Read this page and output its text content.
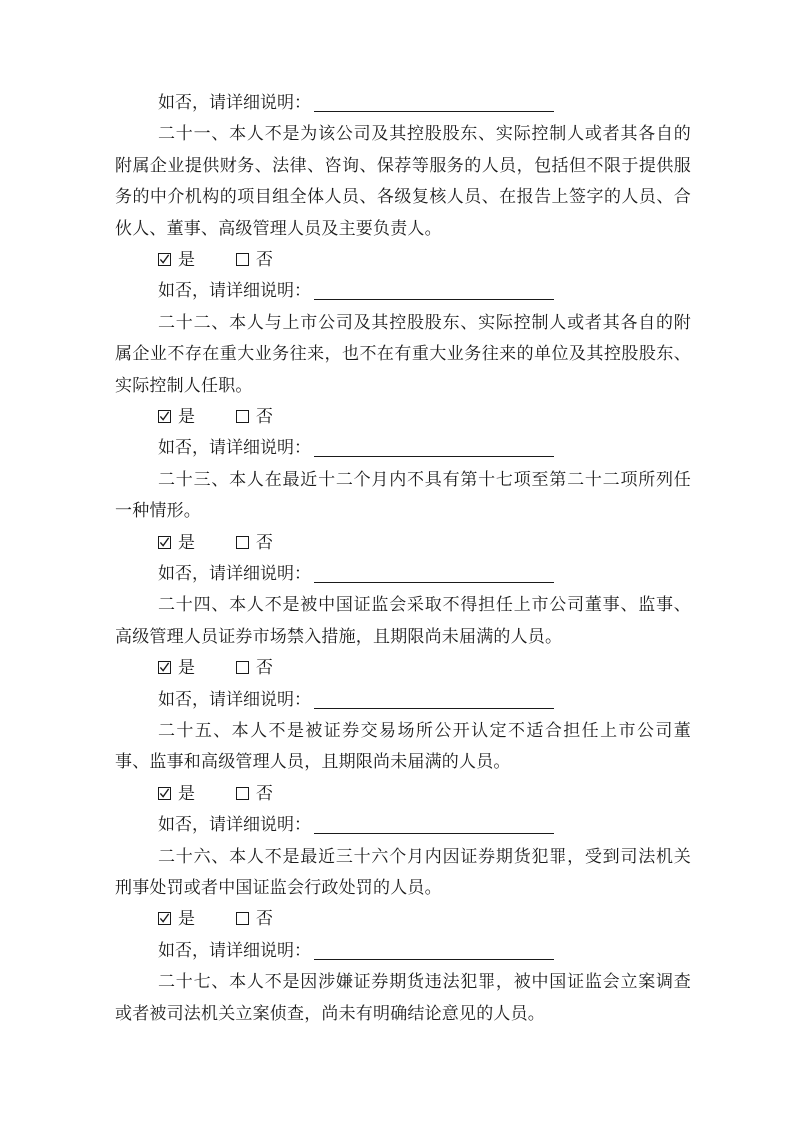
如否，请详细说明：

二十一、本人不是为该公司及其控股股东、实际控制人或者其各自的附属企业提供财务、法律、咨询、保荐等服务的人员，包括但不限于提供服务的中介机构的项目组全体人员、各级复核人员、在报告上签字的人员、合伙人、董事、高级管理人员及主要负责人。

是	否
如否，请详细说明：

二十二、本人与上市公司及其控股股东、实际控制人或者其各自的附属企业不存在重大业务往来，也不在有重大业务往来的单位及其控股股东、实际控制人任职。

是	否
如否，请详细说明：

二十三、本人在最近十二个月内不具有第十七项至第二十二项所列任一种情形。

是	否
如否，请详细说明：

二十四、本人不是被中国证监会采取不得担任上市公司董事、监事、高级管理人员证券市场禁入措施，且期限尚未届满的人员。

是	否
如否，请详细说明：

二十五、本人不是被证券交易场所公开认定不适合担任上市公司董事、监事和高级管理人员，且期限尚未届满的人员。

是	否
如否，请详细说明：

二十六、本人不是最近三十六个月内因证券期货犯罪，受到司法机关刑事处罚或者中国证监会行政处罚的人员。

是	否
如否，请详细说明：

二十七、本人不是因涉嫌证券期货违法犯罪，被中国证监会立案调查或者被司法机关立案侦查，尚未有明确结论意见的人员。
